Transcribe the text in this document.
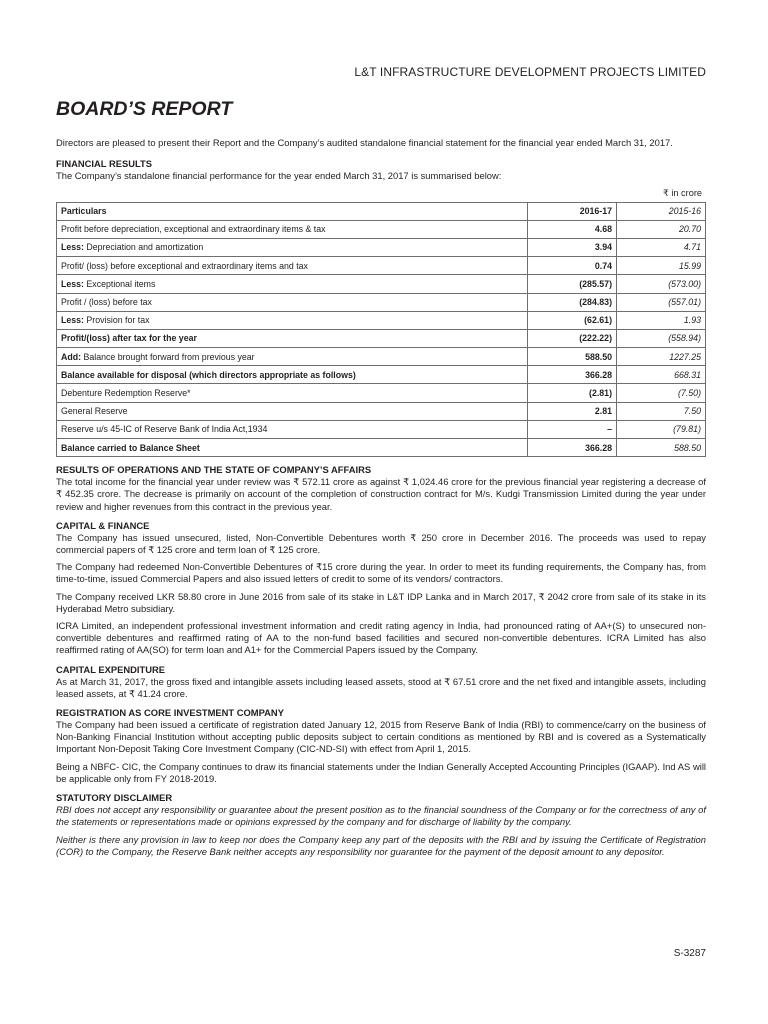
L&T INFRASTRUCTURE DEVELOPMENT PROJECTS LIMITED
BOARD’S REPORT

Directors are pleased to present their Report and the Company’s audited standalone financial statement for the financial year ended March 31, 2017.

FINANCIAL RESULTS

The Company’s standalone financial performance for the year ended March 31, 2017 is summarised below:

₹ in crore
Particulars	2016-17	2015-16
Profit before depreciation, exceptional and extraordinary items & tax	4.68	20.70
Less: Depreciation and amortization	3.94	4.71
Profit/ (loss) before exceptional and extraordinary items and tax	0.74	15.99
Less: Exceptional items	(285.57)	(573.00)
Profit / (loss) before tax	(284.83)	(557.01)
Less: Provision for tax	(62.61)	1.93
Profit/(loss) after tax for the year	(222.22)	(558.94)
Add: Balance brought forward from previous year	588.50	1227.25
Balance available for disposal (which directors appropriate as follows)	366.28	668.31
Debenture Redemption Reserve*	(2.81)	(7.50)
General Reserve	2.81	7.50
Reserve u/s 45-IC of Reserve Bank of India Act,1934	–	(79.81)
Balance carried to Balance Sheet	366.28	588.50
RESULTS OF OPERATIONS AND THE STATE OF COMPANY’S AFFAIRS

The total income for the financial year under review was ₹ 572.11 crore as against ₹ 1,024.46 crore for the previous financial year registering a decrease of ₹ 452.35 crore. The decrease is primarily on account of the completion of construction contract for M/s. Kudgi Transmission Limited during the year under review and higher revenues from this contract in the previous year.

CAPITAL & FINANCE

The Company has issued unsecured, listed, Non-Convertible Debentures worth ₹ 250 crore in December 2016. The proceeds was used to repay commercial papers of ₹ 125 crore and term loan of ₹ 125 crore.

The Company had redeemed Non-Convertible Debentures of ₹15 crore during the year. In order to meet its funding requirements, the Company has, from time-to-time, issued Commercial Papers and also issued letters of credit to some of its vendors/ contractors.

The Company received LKR 58.80 crore in June 2016 from sale of its stake in L&T IDP Lanka and in March 2017, ₹ 2042 crore from sale of its stake in its Hyderabad Metro subsidiary.

ICRA Limited, an independent professional investment information and credit rating agency in India, had pronounced rating of AA+(S) to unsecured non-convertible debentures and reaffirmed rating of AA to the non-fund based facilities and secured non-convertible debentures. ICRA Limited has also reaffirmed rating of AA(SO) for term loan and A1+ for the Commercial Papers issued by the Company.

CAPITAL EXPENDITURE

As at March 31, 2017, the gross fixed and intangible assets including leased assets, stood at ₹ 67.51 crore and the net fixed and intangible assets, including leased assets, at ₹ 41.24 crore.

REGISTRATION AS CORE INVESTMENT COMPANY

The Company had been issued a certificate of registration dated January 12, 2015 from Reserve Bank of India (RBI) to commence/carry on the business of Non-Banking Financial Institution without accepting public deposits subject to certain conditions as mentioned by RBI and is covered as a Systematically Important Non-Deposit Taking Core Investment Company (CIC-ND-SI) with effect from April 1, 2015.

Being a NBFC- CIC, the Company continues to draw its financial statements under the Indian Generally Accepted Accounting Principles (IGAAP). Ind AS will be applicable only from FY 2018-2019.

STATUTORY DISCLAIMER

RBI does not accept any responsibility or guarantee about the present position as to the financial soundness of the Company or for the correctness of any of the statements or representations made or opinions expressed by the company and for discharge of liability by the company.

Neither is there any provision in law to keep nor does the Company keep any part of the deposits with the RBI and by issuing the Certificate of Registration (COR) to the Company, the Reserve Bank neither accepts any responsibility nor guarantee for the payment of the deposit amount to any depositor.

S-3287
